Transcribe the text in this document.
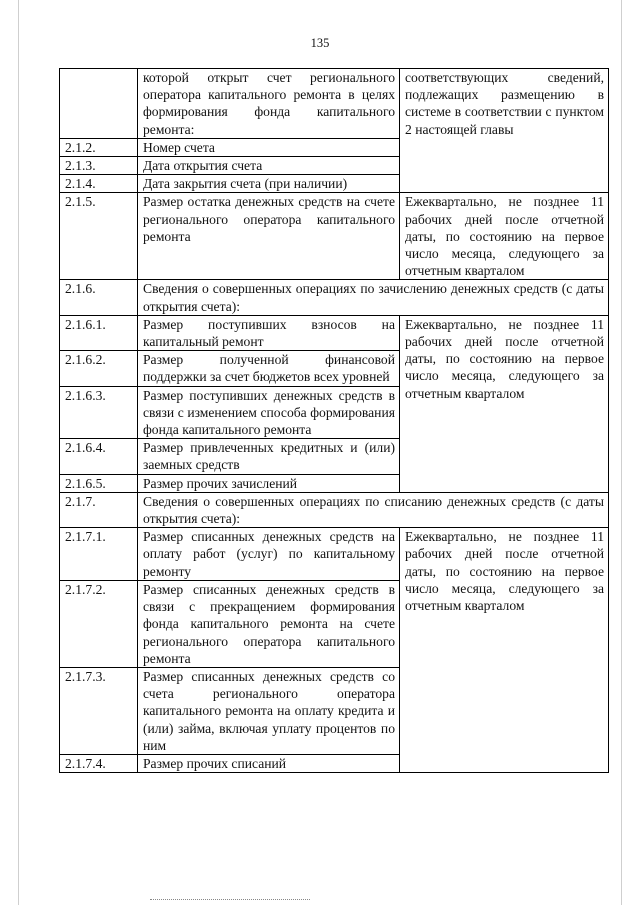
135
	которой открыт счет регионального оператора капитального ремонта в целях формирования фонда капитального ремонта:	соответствующих сведений, подлежащих размещению в системе в соответствии с пунктом 2 настоящей главы
2.1.2.	Номер счета	
2.1.3.	Дата открытия счета	
2.1.4.	Дата закрытия счета (при наличии)	
2.1.5.	Размер остатка денежных средств на счете регионального оператора капитального ремонта	Ежеквартально, не позднее 11 рабочих дней после отчетной даты, по состоянию на первое число месяца, следующего за отчетным кварталом
2.1.6.	Сведения о совершенных операциях по зачислению денежных средств (с даты открытия счета):	
2.1.6.1.	Размер поступивших взносов на капитальный ремонт	Ежеквартально, не позднее 11 рабочих дней после отчетной даты, по состоянию на первое число месяца, следующего за отчетным кварталом
2.1.6.2.	Размер полученной финансовой поддержки за счет бюджетов всех уровней	
2.1.6.3.	Размер поступивших денежных средств в связи с изменением способа формирования фонда капитального ремонта	
2.1.6.4.	Размер привлеченных кредитных и (или) заемных средств	
2.1.6.5.	Размер прочих зачислений	
2.1.7.	Сведения о совершенных операциях по списанию денежных средств (с даты открытия счета):	
2.1.7.1.	Размер списанных денежных средств на оплату работ (услуг) по капитальному ремонту	Ежеквартально, не позднее 11 рабочих дней после отчетной даты, по состоянию на первое число месяца, следующего за отчетным кварталом
2.1.7.2.	Размер списанных денежных средств в связи с прекращением формирования фонда капитального ремонта на счете регионального оператора капитального ремонта	
2.1.7.3.	Размер списанных денежных средств со счета регионального оператора капитального ремонта на оплату кредита и (или) займа, включая уплату процентов по ним	
2.1.7.4.	Размер прочих списаний	
